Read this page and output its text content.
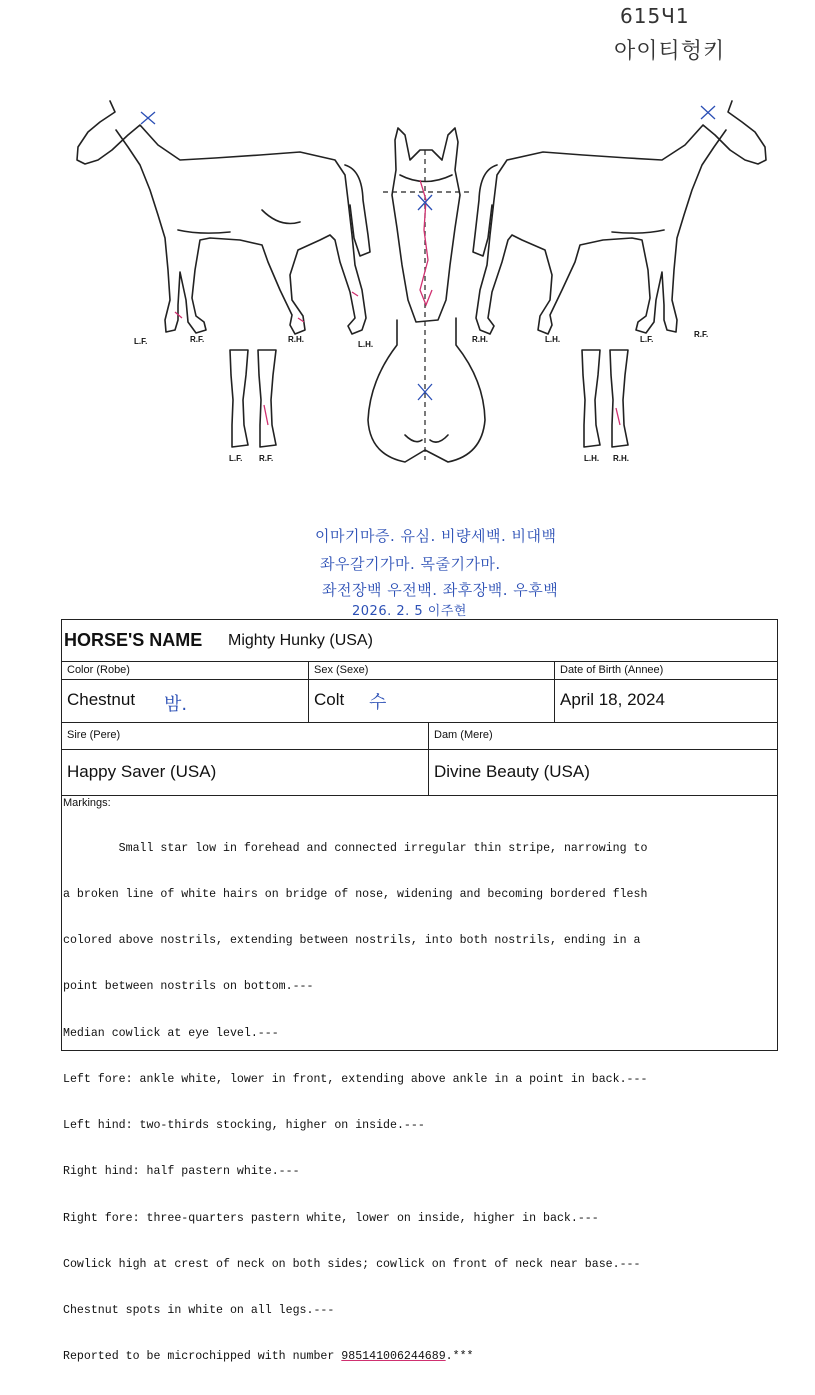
615Ч1
아이티헝키
L.F.	R.F.	R.H.
L.H.
R.H.	L.H.	L.F.
R.F.
L.F. R.F.	L.H. R.H.
이마기마증. 유심. 비량세백. 비대백
좌우갈기가마. 목줄기가마.
좌전장백 우전백. 좌후장백. 우후백
2026. 2. 5 이주현
HORSE'S NAME Mighty Hunky (USA)
Color (Robe)	Sex (Sexe)	Date of Birth (Annee)
Chestnut 밤.	Colt 수	April 18, 2024
Sire (Pere)	Dam (Mere)
Happy Saver (USA)	Divine Beauty (USA)
Markings:

Small star low in forehead and connected irregular thin stripe, narrowing to

a broken line of white hairs on bridge of nose, widening and becoming bordered flesh

colored above nostrils, extending between nostrils, into both nostrils, ending in a

point between nostrils on bottom.---

Median cowlick at eye level.---

Left fore: ankle white, lower in front, extending above ankle in a point in back.---

Left hind: two-thirds stocking, higher on inside.---

Right hind: half pastern white.---

Right fore: three-quarters pastern white, lower on inside, higher in back.---

Cowlick high at crest of neck on both sides; cowlick on front of neck near base.---

Chestnut spots in white on all legs.---

Reported to be microchipped with number 985141006244689.***
